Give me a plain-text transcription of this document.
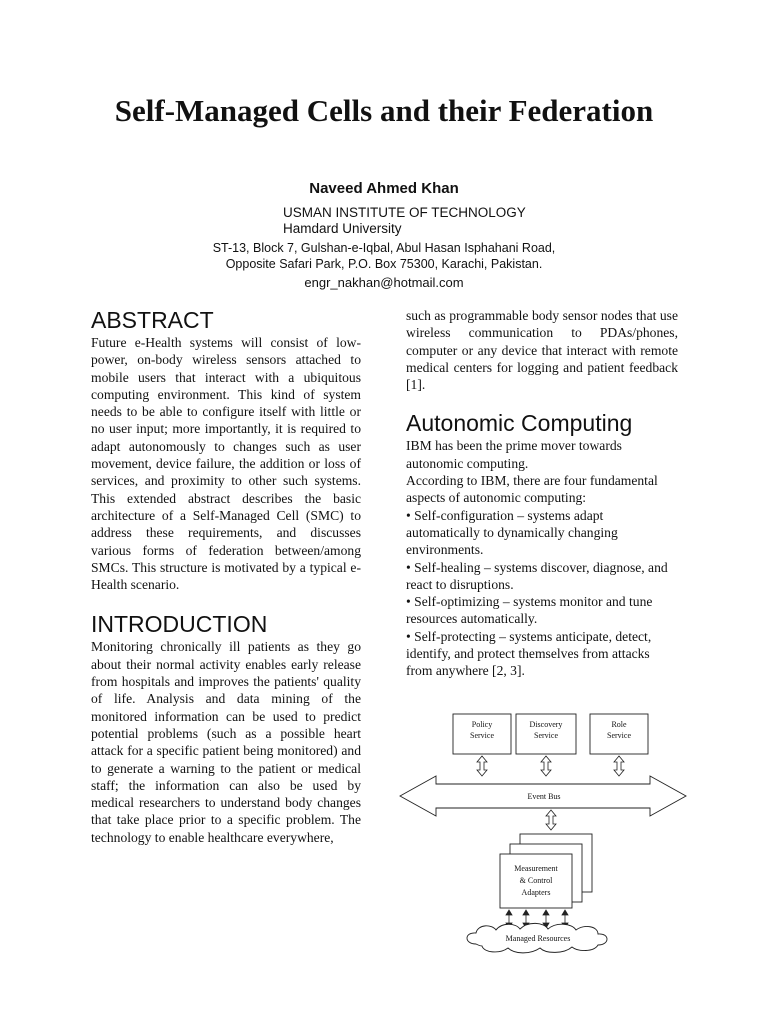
Self-Managed Cells and their Federation

Naveed Ahmed Khan

USMAN INSTITUTE OF TECHNOLOGY
Hamdard University
ST-13, Block 7, Gulshan-e-Iqbal, Abul Hasan Isphahani Road,
Opposite Safari Park, P.O. Box 75300, Karachi, Pakistan.
engr_nakhan@hotmail.com
ABSTRACT

Future e-Health systems will consist of low-power, on-body wireless sensors attached to mobile users that interact with a ubiquitous computing environment. This kind of system needs to be able to configure itself with little or no user input; more importantly, it is required to adapt autonomously to changes such as user movement, device failure, the addition or loss of services, and proximity to other such systems. This extended abstract describes the basic architecture of a Self-Managed Cell (SMC) to address these requirements, and discusses various forms of federation between/among SMCs. This structure is motivated by a typical e-Health scenario.

INTRODUCTION

Monitoring chronically ill patients as they go about their normal activity enables early release from hospitals and improves the patients' quality of life. Analysis and data mining of the monitored information can be used to predict potential problems (such as a possible heart attack for a specific patient being monitored) and to generate a warning to the patient or medical staff; the information can also be used by medical researchers to understand body changes that take place prior to a specific problem. The technology to enable healthcare everywhere,

such as programmable body sensor nodes that use wireless communication to PDAs/phones, computer or any device that interact with remote medical centers for logging and patient feedback [1].

Autonomic Computing

IBM has been the prime mover towards autonomic computing.

According to IBM, there are four fundamental aspects of autonomic computing:

• Self-configuration – systems adapt automatically to dynamically changing environments.

• Self-healing – systems discover, diagnose, and react to disruptions.

• Self-optimizing – systems monitor and tune resources automatically.

• Self-protecting – systems anticipate, detect, identify, and protect themselves from attacks from anywhere [2, 3].

Policy
Service
Discovery
Service
Role
Service
Event Bus
Measurement
& Control
Adapters
Managed Resources
